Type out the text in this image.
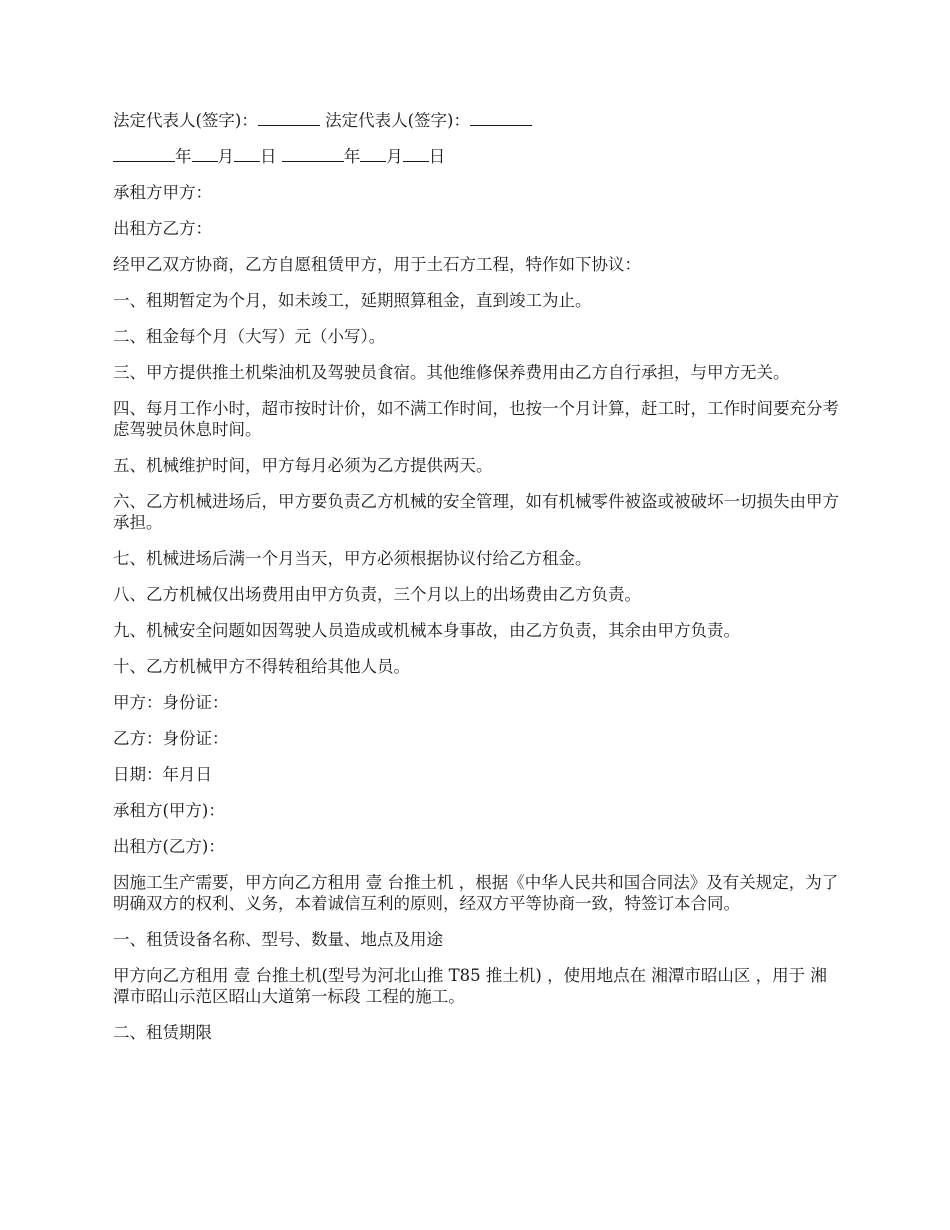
法定代表人(签字)：	法定代表人(签字)：

年 月 日	年 月 日

承租方甲方：

出租方乙方：

经甲乙双方协商，乙方自愿租赁甲方，用于土石方工程，特作如下协议：

一、租期暂定为个月，如未竣工，延期照算租金，直到竣工为止。

二、租金每个月（大写）元（小写）。

三、甲方提供推土机柴油机及驾驶员食宿。其他维修保养费用由乙方自行承担，与甲方无关。

四、每月工作小时，超市按时计价，如不满工作时间，也按一个月计算，赶工时，工作时间要充分考虑驾驶员休息时间。

五、机械维护时间，甲方每月必须为乙方提供两天。

六、乙方机械进场后，甲方要负责乙方机械的安全管理，如有机械零件被盗或被破坏一切损失由甲方承担。

七、机械进场后满一个月当天，甲方必须根据协议付给乙方租金。

八、乙方机械仅出场费用由甲方负责，三个月以上的出场费由乙方负责。

九、机械安全问题如因驾驶人员造成或机械本身事故，由乙方负责，其余由甲方负责。

十、乙方机械甲方不得转租给其他人员。

甲方：身份证：

乙方：身份证：

日期：年月日

承租方(甲方)：

出租方(乙方)：

因施工生产需要，甲方向乙方租用 壹 台推土机 ，根据《中华人民共和国合同法》及有关规定，为了明确双方的权利、义务，本着诚信互利的原则，经双方平等协商一致，特签订本合同。

一、租赁设备名称、型号、数量、地点及用途

甲方向乙方租用 壹 台推土机(型号为河北山推 T85 推土机) ，使用地点在 湘潭市昭山区 ，用于 湘潭市昭山示范区昭山大道第一标段 工程的施工。

二、租赁期限
